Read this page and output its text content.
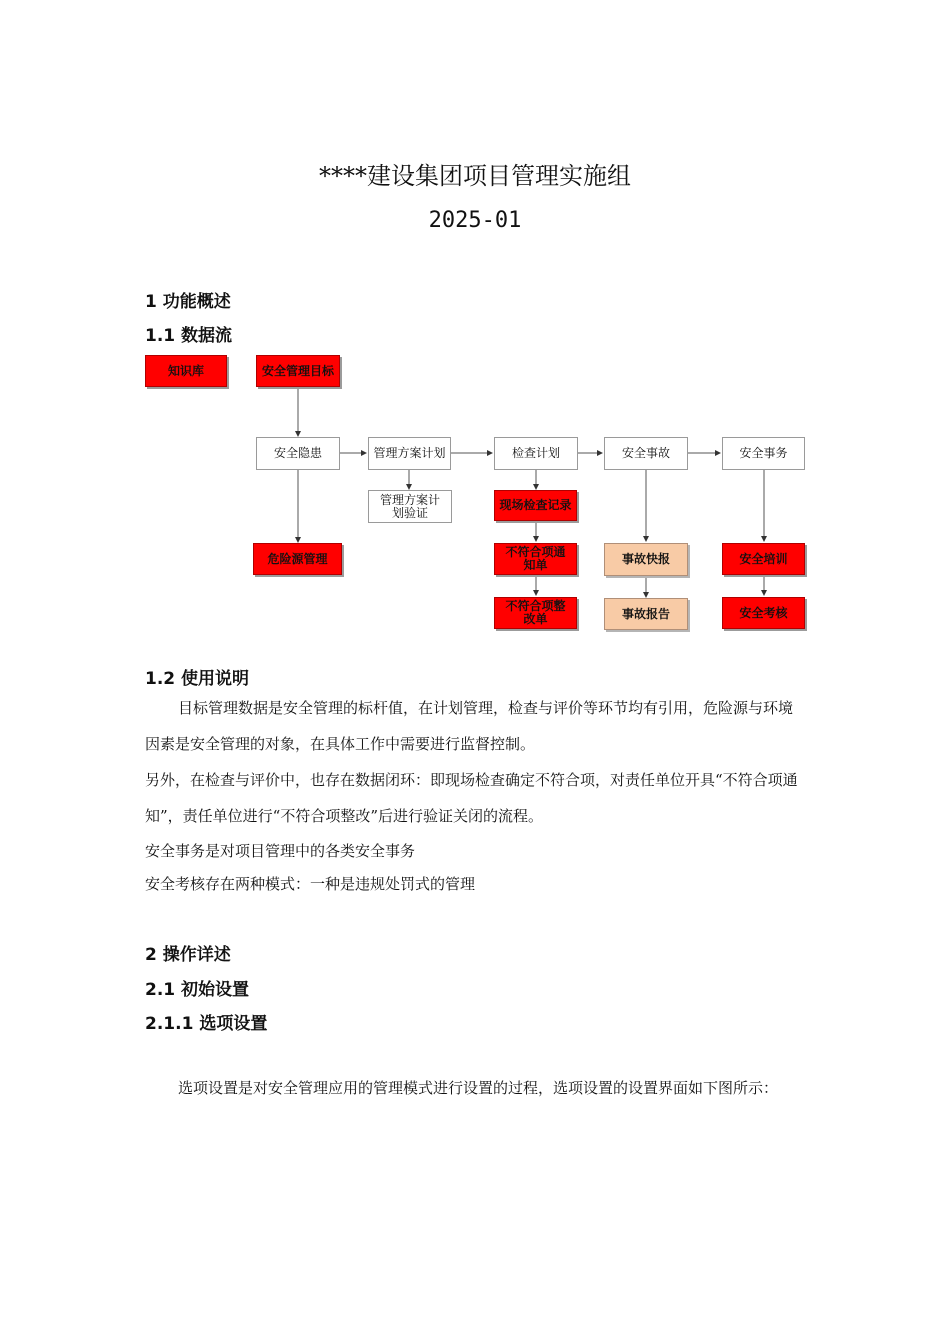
****建设集团项目管理实施组
2025-01
1 功能概述
1.1 数据流
知识库	安全管理目标
安全隐患	管理方案计划	检查计划	安全事故	安全事务
管理方案计划验证
现场检查记录
危险源管理	不符合项通知单	事故快报	安全培训
不符合项整改单	事故报告	安全考核
1.2 使用说明
目标管理数据是安全管理的标杆值，在计划管理，检查与评价等环节均有引用，危险源与环境因素是安全管理的对象，在具体工作中需要进行监督控制。
另外，在检查与评价中，也存在数据闭环：即现场检查确定不符合项，对责任单位开具“不符合项通知”，责任单位进行“不符合项整改”后进行验证关闭的流程。
安全事务是对项目管理中的各类安全事务
安全考核存在两种模式：一种是违规处罚式的管理
2 操作详述
2.1 初始设置
2.1.1 选项设置
选项设置是对安全管理应用的管理模式进行设置的过程，选项设置的设置界面如下图所示：
